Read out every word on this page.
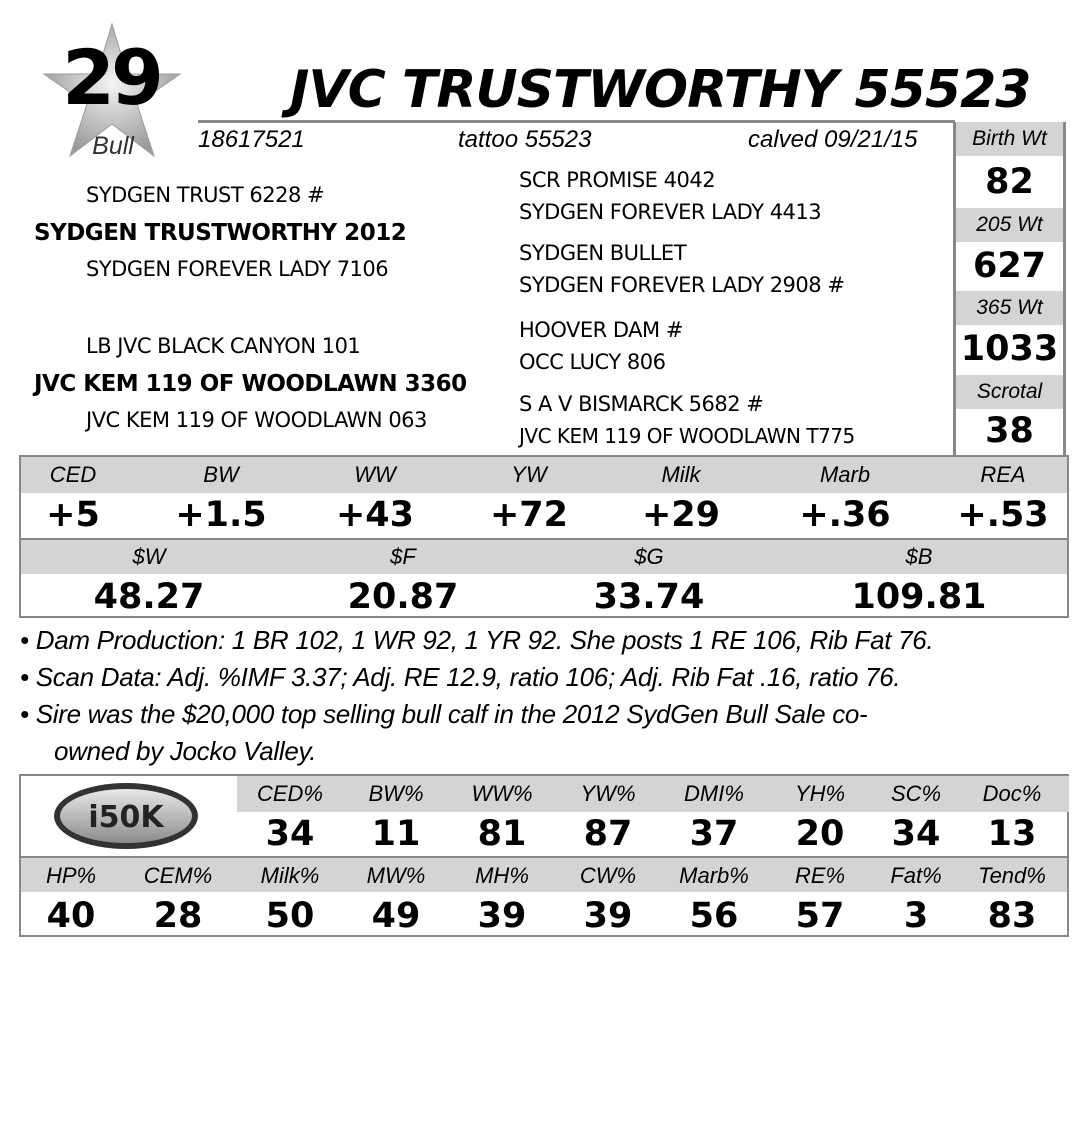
29
Bull
JVC TRUSTWORTHY 55523
18617521	tattoo 55523	calved 09/21/15
SYDGEN TRUST 6228 #
SYDGEN TRUSTWORTHY 2012
SYDGEN FOREVER LADY 7106
LB JVC BLACK CANYON 101
JVC KEM 119 OF WOODLAWN 3360
JVC KEM 119 OF WOODLAWN 063
SCR PROMISE 4042
SYDGEN FOREVER LADY 4413
SYDGEN BULLET
SYDGEN FOREVER LADY 2908 #
HOOVER DAM #
OCC LUCY 806
S A V BISMARCK 5682 #
JVC KEM 119 OF WOODLAWN T775
Birth Wt
82
205 Wt
627
365 Wt
1033
Scrotal
38
CED	BW	WW	YW	Milk	Marb	REA
+5	+1.5	+43	+72	+29	+.36	+.53
$W	$F	$G	$B
48.27	20.87	33.74	109.81
• Dam Production: 1 BR 102, 1 WR 92, 1 YR 92. She posts 1 RE 106, Rib Fat 76.
• Scan Data: Adj. %IMF 3.37; Adj. RE 12.9, ratio 106; Adj. Rib Fat .16, ratio 76.
• Sire was the $20,000 top selling bull calf in the 2012 SydGen Bull Sale co-
owned by Jocko Valley.
i50K
CED%	BW%	WW%	YW%	DMI%	YH%	SC%	Doc%
34	11	81	87	37	20	34	13
HP%	CEM%	Milk%	MW%	MH%	CW%	Marb%	RE%	Fat%	Tend%
40	28	50	49	39	39	56	57	3	83
